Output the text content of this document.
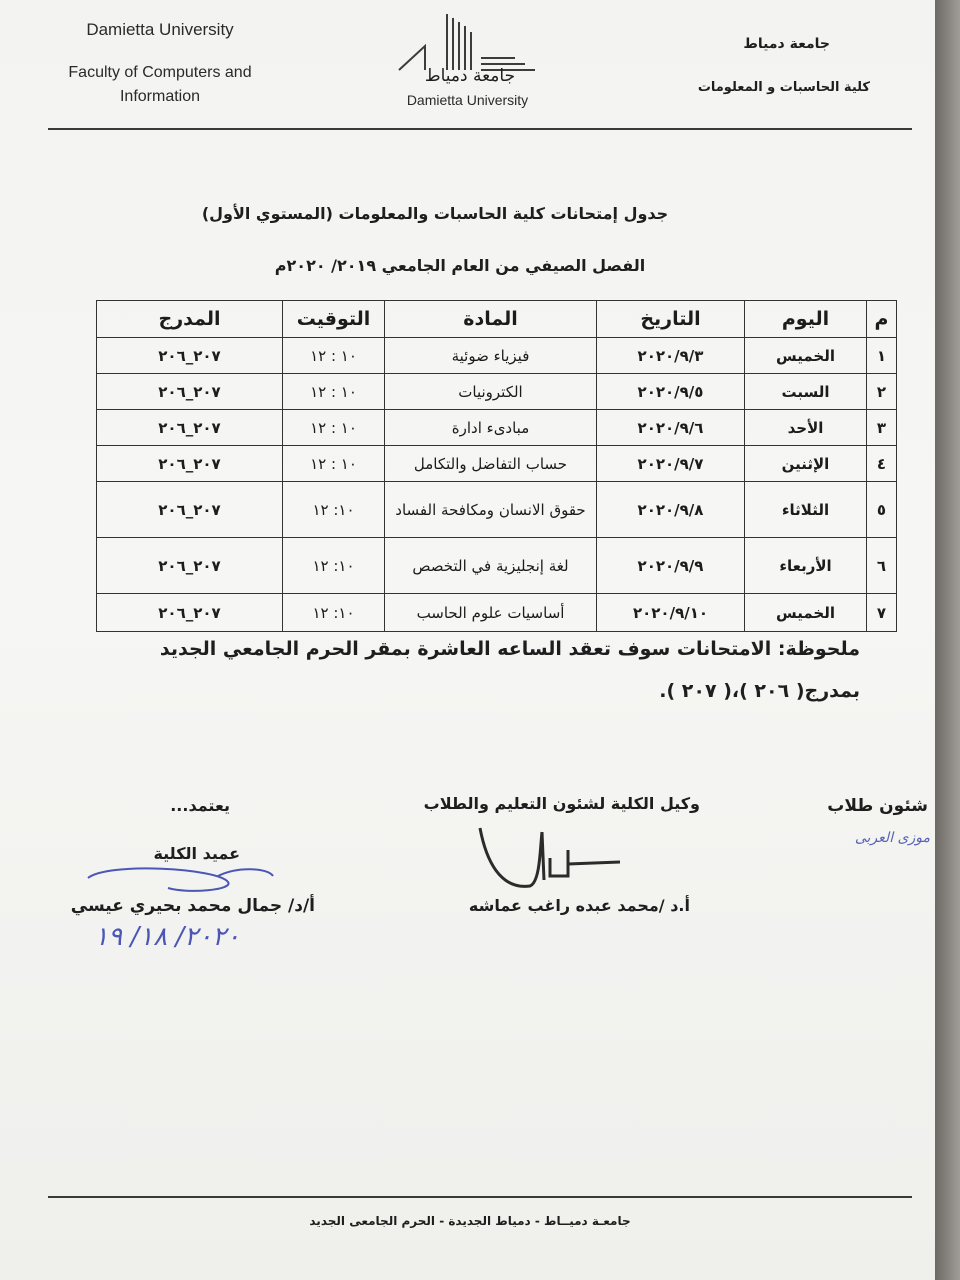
Damietta University
Faculty of Computers and
Information
جامعة دمياط
Damietta University
جامعة دمياط
كلية الحاسبات و المعلومات
جدول إمتحانات كلية الحاسبات والمعلومات (المستوي الأول)
الفصل الصيفي من العام الجامعي ٢٠١٩/ ٢٠٢٠م
م	اليوم	التاريخ	المادة	التوقيت	المدرج
١	الخميس	٢٠٢٠/٩/٣	فيزياء ضوئية	١٠ : ١٢	٢٠٧_٢٠٦
٢	السبت	٢٠٢٠/٩/٥	الكترونيات	١٠ : ١٢	٢٠٧_٢٠٦
٣	الأحد	٢٠٢٠/٩/٦	مبادىء ادارة	١٠ : ١٢	٢٠٧_٢٠٦
٤	الإثنين	٢٠٢٠/٩/٧	حساب التفاضل والتكامل	١٠ : ١٢	٢٠٧_٢٠٦
٥	الثلاثاء	٢٠٢٠/٩/٨	حقوق الانسان ومكافحة الفساد	١٠: ١٢	٢٠٧_٢٠٦
٦	الأربعاء	٢٠٢٠/٩/٩	لغة إنجليزية في التخصص	١٠: ١٢	٢٠٧_٢٠٦
٧	الخميس	٢٠٢٠/٩/١٠	أساسيات علوم الحاسب	١٠: ١٢	٢٠٧_٢٠٦
ملحوظة: الامتحانات سوف تعقد الساعه العاشرة بمقر الحرم الجامعي الجديد
بمدرج( ٢٠٦ )،( ٢٠٧ ).
شئون طلاب
موزى العربى
وكيل الكلية لشئون التعليم والطلاب
أ.د /محمد عبده راغب عماشه
يعتمد...
عميد الكلية
أ/د/ جمال محمد بحيري عيسي
٢٠٢٠/ ١٨/ ١٩
جامعـة دميــاط - دمياط الجديدة - الحرم الجامعى الجديد
